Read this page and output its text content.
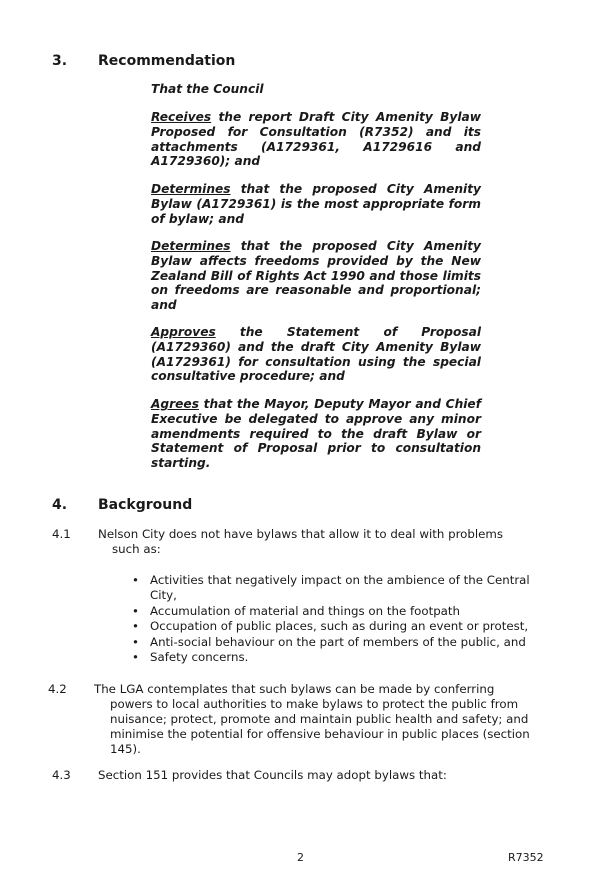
3. Recommendation
That the Council

Receives the report Draft City Amenity Bylaw Proposed for Consultation (R7352) and its attachments (A1729361, A1729616 and A1729360); and

Determines that the proposed City Amenity Bylaw (A1729361) is the most appropriate form of bylaw; and

Determines that the proposed City Amenity Bylaw affects freedoms provided by the New Zealand Bill of Rights Act 1990 and those limits on freedoms are reasonable and proportional; and

Approves the Statement of Proposal (A1729360) and the draft City Amenity Bylaw (A1729361) for consultation using the special consultative procedure; and

Agrees that the Mayor, Deputy Mayor and Chief Executive be delegated to approve any minor amendments required to the draft Bylaw or Statement of Proposal prior to consultation starting.

4. Background
4.1 Nelson City does not have bylaws that allow it to deal with problems
such as:
• Activities that negatively impact on the ambience of the Central
City,
• Accumulation of material and things on the footpath
• Occupation of public places, such as during an event or protest,
• Anti-social behaviour on the part of members of the public, and
• Safety concerns.
4.2 The LGA contemplates that such bylaws can be made by conferring
powers to local authorities to make bylaws to protect the public from
nuisance; protect, promote and maintain public health and safety; and
minimise the potential for offensive behaviour in public places (section
145).
4.3 Section 151 provides that Councils may adopt bylaws that:
2	R7352
